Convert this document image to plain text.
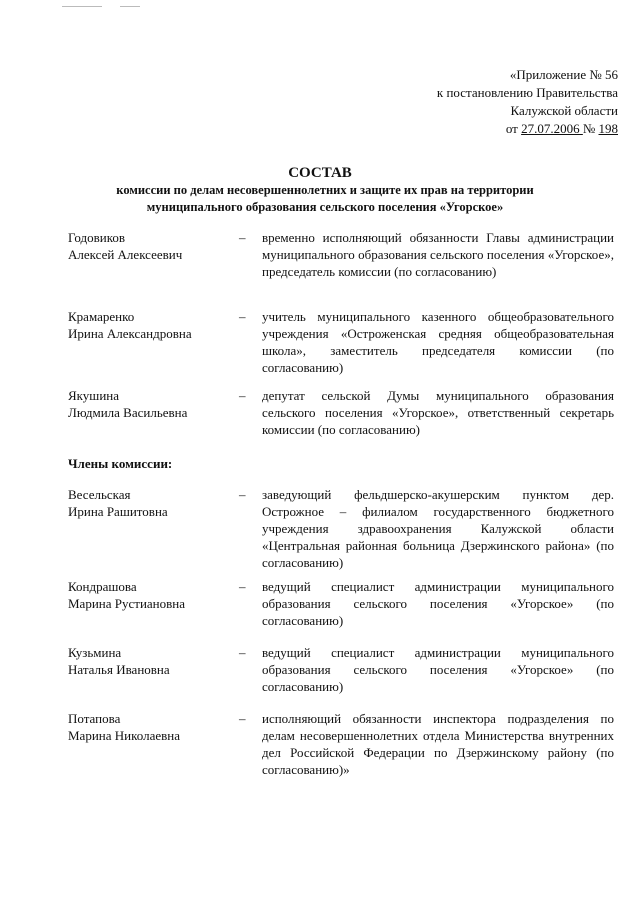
«Приложение № 56
к постановлению Правительства
Калужской области
от 27.07.2006 № 198
СОСТАВ
комиссии по делам несовершеннолетних и защите их прав на территории муниципального образования сельского поселения «Угорское»
Годовиков
Алексей Алексеевич
– временно исполняющий обязанности Главы администрации муниципального образования сельского поселения «Угорское», председатель комиссии (по согласованию)
Крамаренко
Ирина Александровна
– учитель муниципального казенного общеобразовательного учреждения «Остроженская средняя общеобразовательная школа», заместитель председателя комиссии (по согласованию)
Якушина
Людмила Васильевна
– депутат сельской Думы муниципального образования сельского поселения «Угорское», ответственный секретарь комиссии (по согласованию)
Члены комиссии:
Весельская
Ирина Рашитовна
– заведующий фельдшерско-акушерским пунктом дер. Острожное – филиалом государственного бюджетного учреждения здравоохранения Калужской области «Центральная районная больница Дзержинского района» (по согласованию)
Кондрашова
Марина Рустиановна
– ведущий специалист администрации муниципального образования сельского поселения «Угорское» (по согласованию)
Кузьмина
Наталья Ивановна
– ведущий специалист администрации муниципального образования сельского поселения «Угорское» (по согласованию)
Потапова
Марина Николаевна
– исполняющий обязанности инспектора подразделения по делам несовершеннолетних отдела Министерства внутренних дел Российской Федерации по Дзержинскому району (по согласованию)»
